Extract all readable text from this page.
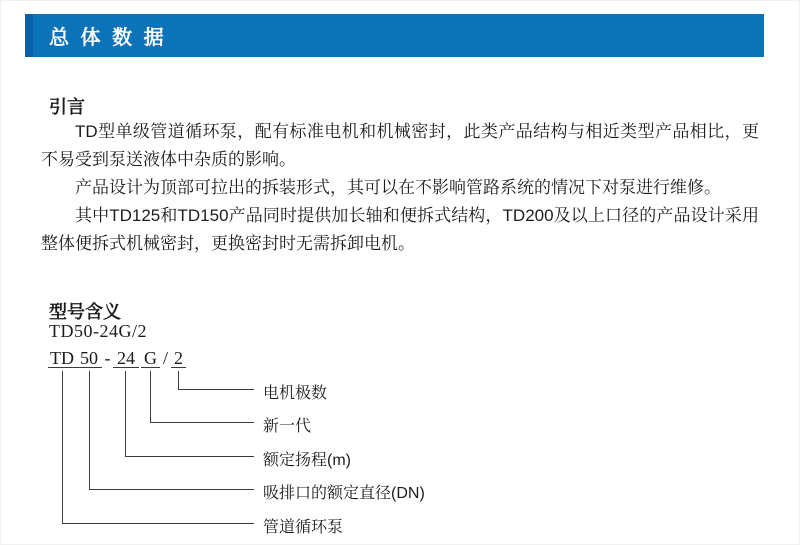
总 体 数 据
引言

TD型单级管道循环泵，配有标准电机和机械密封，此类产品结构与相近类型产品相比，更不易受到泵送液体中杂质的影响。

产品设计为顶部可拉出的拆装形式，其可以在不影响管路系统的情况下对泵进行维修。

其中TD125和TD150产品同时提供加长轴和便拆式结构，TD200及以上口径的产品设计采用整体便拆式机械密封，更换密封时无需拆卸电机。

型号含义
TD50-24G/2
TD 50 - 24 G / 2
电机极数
新一代
额定扬程(m)
吸排口的额定直径(DN)
管道循环泵
